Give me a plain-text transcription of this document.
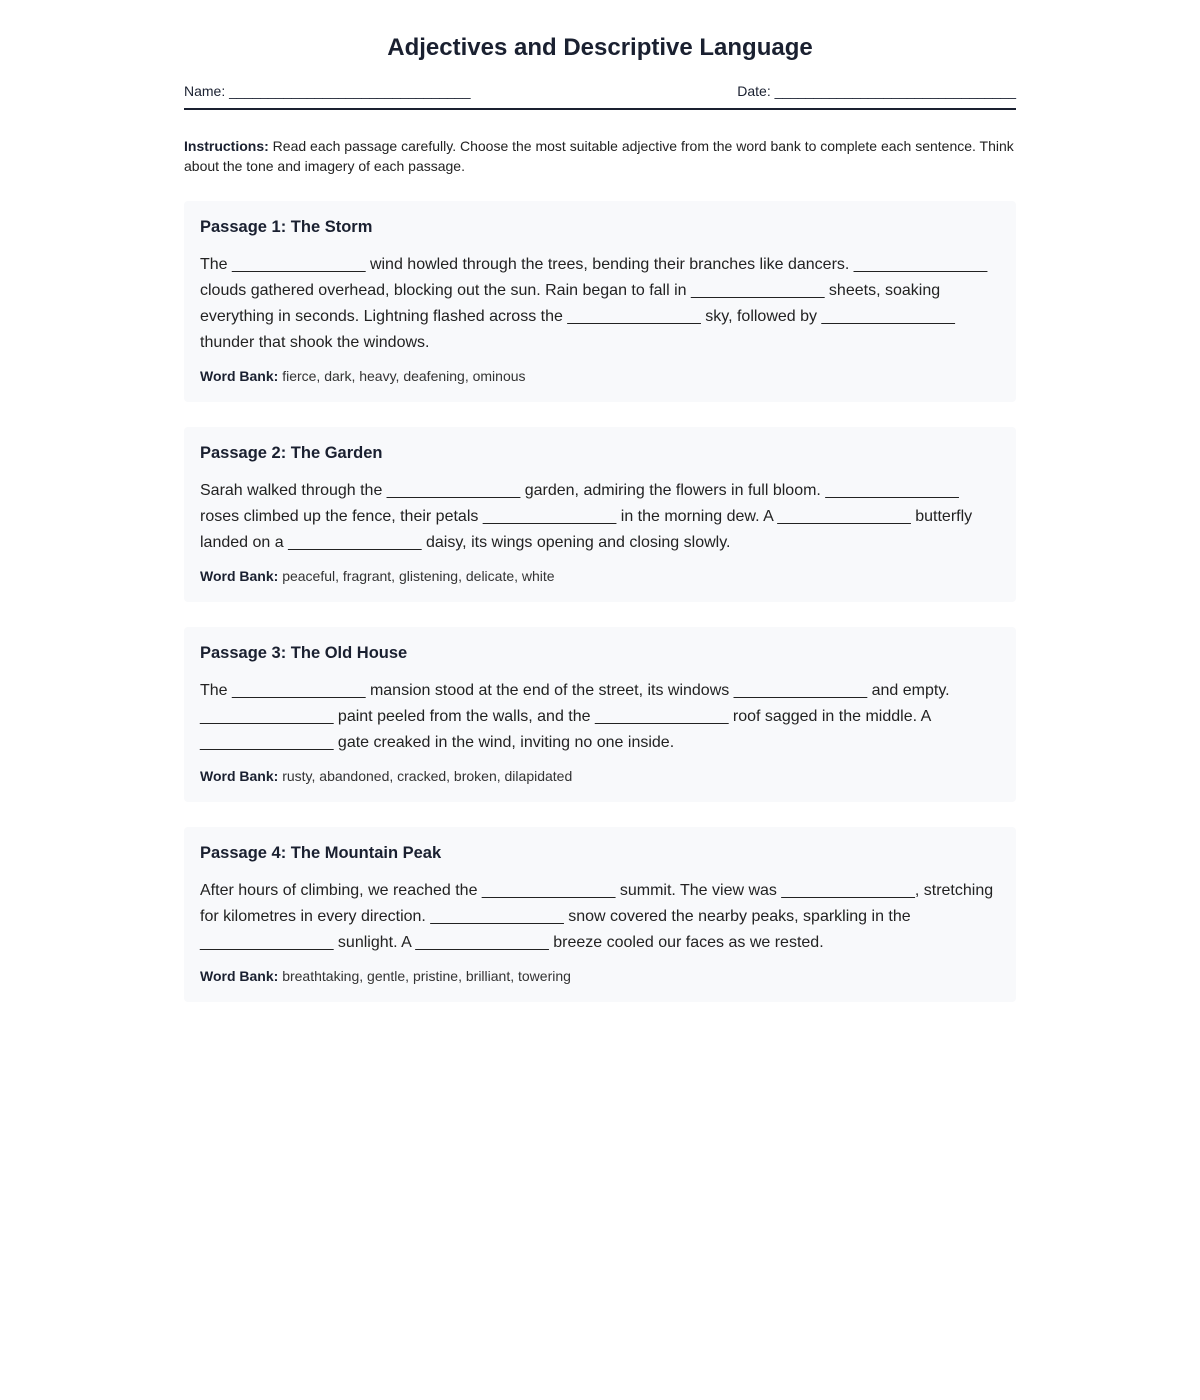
Adjectives and Descriptive Language
Name: _______________________________	Date: _______________________________

Instructions: Read each passage carefully. Choose the most suitable adjective from the word bank to complete each sentence. Think about the tone and imagery of each passage.

Passage 1: The Storm

The _______________ wind howled through the trees, bending their branches like dancers. _______________ clouds gathered overhead, blocking out the sun. Rain began to fall in _______________ sheets, soaking everything in seconds. Lightning flashed across the _______________ sky, followed by _______________ thunder that shook the windows.

Word Bank: fierce, dark, heavy, deafening, ominous

Passage 2: The Garden

Sarah walked through the _______________ garden, admiring the flowers in full bloom. _______________ roses climbed up the fence, their petals _______________ in the morning dew. A _______________ butterfly landed on a _______________ daisy, its wings opening and closing slowly.

Word Bank: peaceful, fragrant, glistening, delicate, white

Passage 3: The Old House

The _______________ mansion stood at the end of the street, its windows _______________ and empty. _______________ paint peeled from the walls, and the _______________ roof sagged in the middle. A _______________ gate creaked in the wind, inviting no one inside.

Word Bank: rusty, abandoned, cracked, broken, dilapidated

Passage 4: The Mountain Peak

After hours of climbing, we reached the _______________ summit. The view was _______________, stretching for kilometres in every direction. _______________ snow covered the nearby peaks, sparkling in the _______________ sunlight. A _______________ breeze cooled our faces as we rested.

Word Bank: breathtaking, gentle, pristine, brilliant, towering
